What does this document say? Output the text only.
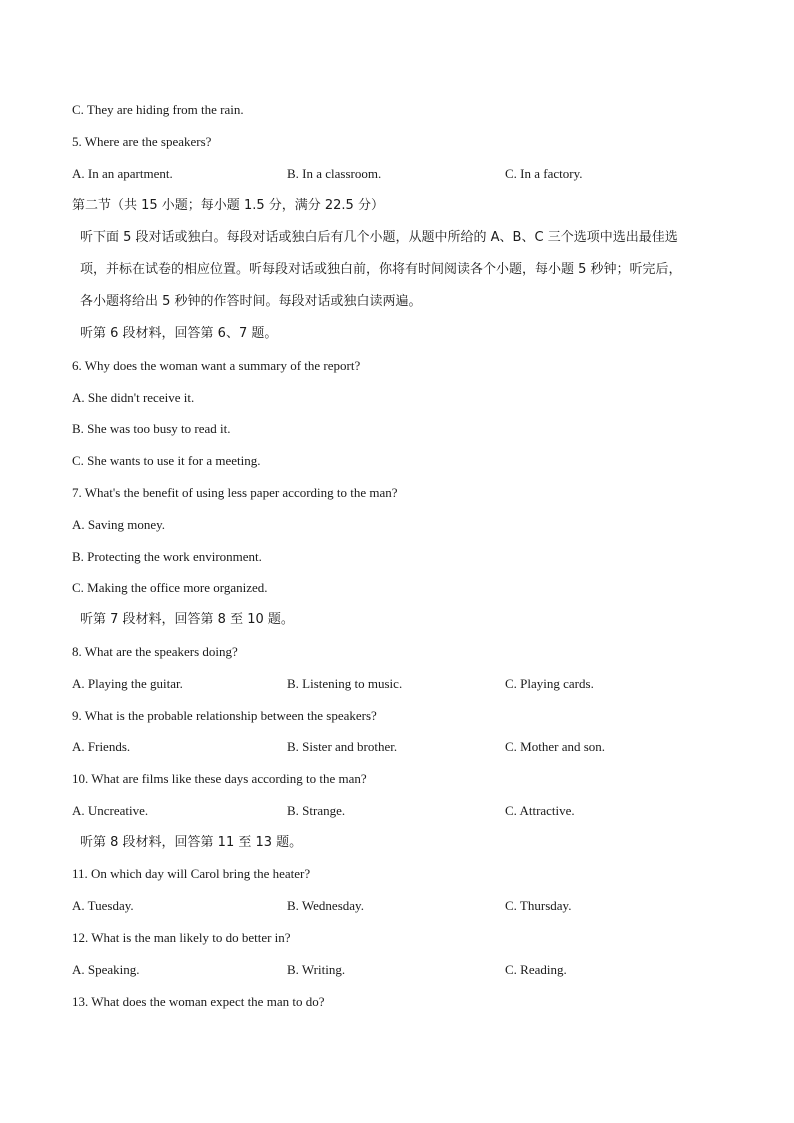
C. They are hiding from the rain.
5. Where are the speakers?
A. In an apartment.	B. In a classroom.	C. In a factory.
第二节（共 15 小题；每小题 1.5 分，满分 22.5 分）
听下面 5 段对话或独白。每段对话或独白后有几个小题，从题中所给的 A、B、C 三个选项中选出最佳选
项，并标在试卷的相应位置。听每段对话或独白前，你将有时间阅读各个小题，每小题 5 秒钟；听完后，
各小题将给出 5 秒钟的作答时间。每段对话或独白读两遍。
听第 6 段材料，回答第 6、7 题。
6. Why does the woman want a summary of the report?
A. She didn't receive it.
B. She was too busy to read it.
C. She wants to use it for a meeting.
7. What's the benefit of using less paper according to the man?
A. Saving money.
B. Protecting the work environment.
C. Making the office more organized.
听第 7 段材料，回答第 8 至 10 题。
8. What are the speakers doing?
A. Playing the guitar.	B. Listening to music.	C. Playing cards.
9. What is the probable relationship between the speakers?
A. Friends.	B. Sister and brother.	C. Mother and son.
10. What are films like these days according to the man?
A. Uncreative.	B. Strange.	C. Attractive.
听第 8 段材料，回答第 11 至 13 题。
11. On which day will Carol bring the heater?
A. Tuesday.	B. Wednesday.	C. Thursday.
12. What is the man likely to do better in?
A. Speaking.	B. Writing.	C. Reading.
13. What does the woman expect the man to do?
